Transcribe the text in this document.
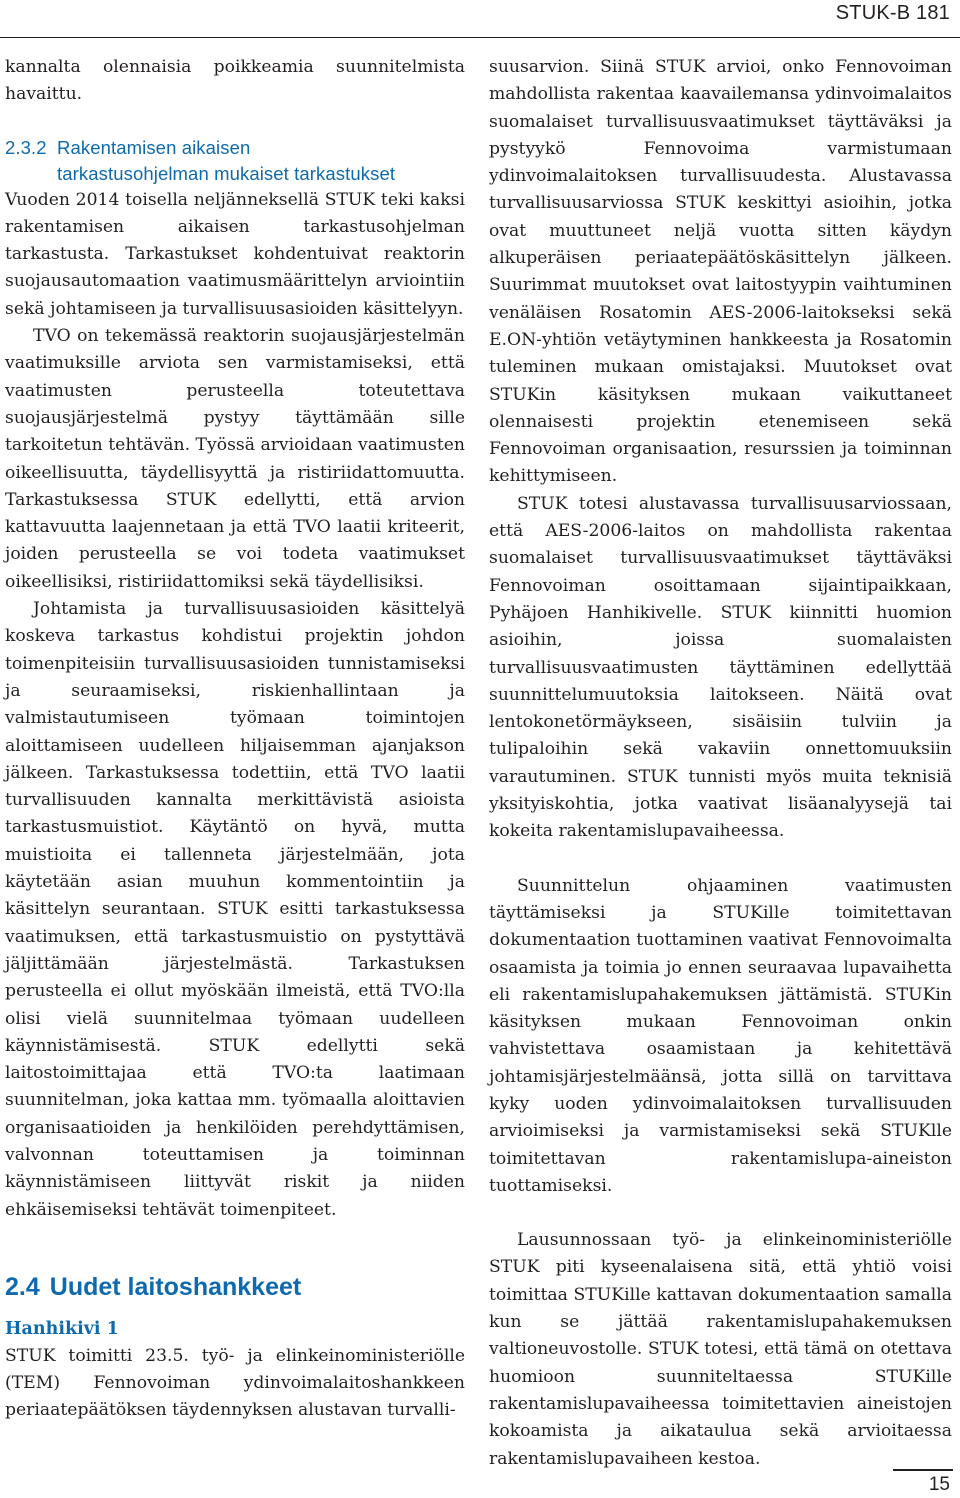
STUK-B 181

kannalta olennaisia poikkeamia suunnitelmista havaittu.

2.3.2 Rakentamisen aikaisen
tarkastusohjelman mukaiset tarkastukset

Vuoden 2014 toisella neljänneksellä STUK teki kaksi rakentamisen aikaisen tarkastusohjelman tarkastusta. Tarkastukset kohdentuivat reaktorin suojausautomaation vaatimusmäärittelyn arviointiin sekä johtamiseen ja turvallisuusasioiden käsittelyyn.

TVO on tekemässä reaktorin suojausjärjestelmän vaatimuksille arviota sen varmistamiseksi, että vaatimusten perusteella toteutettava suojausjärjestelmä pystyy täyttämään sille tarkoitetun tehtävän. Työssä arvioidaan vaatimusten oikeellisuutta, täydellisyyttä ja ristiriidattomuutta. Tarkastuksessa STUK edellytti, että arvion kattavuutta laajennetaan ja että TVO laatii kriteerit, joiden perusteella se voi todeta vaatimukset oikeellisiksi, ristiriidattomiksi sekä täydellisiksi.

Johtamista ja turvallisuusasioiden käsittelyä koskeva tarkastus kohdistui projektin johdon toimenpiteisiin turvallisuusasioiden tunnistamiseksi ja seuraamiseksi, riskienhallintaan ja valmistautumiseen työmaan toimintojen aloittamiseen uudelleen hiljaisemman ajanjakson jälkeen. Tarkastuksessa todettiin, että TVO laatii turvallisuuden kannalta merkittävistä asioista tarkastusmuistiot. Käytäntö on hyvä, mutta muistioita ei tallenneta järjestelmään, jota käytetään asian muuhun kommentointiin ja käsittelyn seurantaan. STUK esitti tarkastuksessa vaatimuksen, että tarkastusmuistio on pystyttävä jäljittämään järjestelmästä. Tarkastuksen perusteella ei ollut myöskään ilmeistä, että TVO:lla olisi vielä suunnitelmaa työmaan uudelleen käynnistämisestä. STUK edellytti sekä laitostoimittajaa että TVO:ta laatimaan suunnitelman, joka kattaa mm. työmaalla aloittavien organisaatioiden ja henkilöiden perehdyttämisen, valvonnan toteuttamisen ja toiminnan käynnistämiseen liittyvät riskit ja niiden ehkäisemiseksi tehtävät toimenpiteet.

2.4 Uudet laitoshankkeet
Hanhikivi 1

STUK toimitti 23.5. työ- ja elinkeinoministeriölle (TEM) Fennovoiman ydinvoimalaitoshankkeen periaatepäätöksen täydennyksen alustavan turvalli-

suusarvion. Siinä STUK arvioi, onko Fennovoiman mahdollista rakentaa kaavailemansa ydinvoimalaitos suomalaiset turvallisuusvaatimukset täyttäväksi ja pystyykö Fennovoima varmistumaan ydinvoimalaitoksen turvallisuudesta. Alustavassa turvallisuusarviossa STUK keskittyi asioihin, jotka ovat muuttuneet neljä vuotta sitten käydyn alkuperäisen periaatepäätöskäsittelyn jälkeen. Suurimmat muutokset ovat laitostyypin vaihtuminen venäläisen Rosatomin AES-2006-laitokseksi sekä E.ON-yhtiön vetäytyminen hankkeesta ja Rosatomin tuleminen mukaan omistajaksi. Muutokset ovat STUKin käsityksen mukaan vaikuttaneet olennaisesti projektin etenemiseen sekä Fennovoiman organisaation, resurssien ja toiminnan kehittymiseen.

STUK totesi alustavassa turvallisuusarviossaan, että AES-2006-laitos on mahdollista rakentaa suomalaiset turvallisuusvaatimukset täyttäväksi Fennovoiman osoittamaan sijaintipaikkaan, Pyhäjoen Hanhikivelle. STUK kiinnitti huomion asioihin, joissa suomalaisten turvallisuusvaatimusten täyttäminen edellyttää suunnittelumuutoksia laitokseen. Näitä ovat lentokonetörmäykseen, sisäisiin tulviin ja tulipaloihin sekä vakaviin onnettomuuksiin varautuminen. STUK tunnisti myös muita teknisiä yksityiskohtia, jotka vaativat lisäanalyysejä tai kokeita rakentamislupavaiheessa.

Suunnittelun ohjaaminen vaatimusten täyttämiseksi ja STUKille toimitettavan dokumentaation tuottaminen vaativat Fennovoimalta osaamista ja toimia jo ennen seuraavaa lupavaihetta eli rakentamislupahakemuksen jättämistä. STUKin käsityksen mukaan Fennovoiman onkin vahvistettava osaamistaan ja kehitettävä johtamisjärjestelmäänsä, jotta sillä on tarvittava kyky uoden ydinvoimalaitoksen turvallisuuden arvioimiseksi ja varmistamiseksi sekä STUKlle toimitettavan rakentamislupa-aineiston tuottamiseksi.

Lausunnossaan työ- ja elinkeinoministeriölle STUK piti kyseenalaisena sitä, että yhtiö voisi toimittaa STUKille kattavan dokumentaation samalla kun se jättää rakentamislupahakemuksen valtioneuvostolle. STUK totesi, että tämä on otettava huomioon suunniteltaessa STUKille rakentamislupavaiheessa toimitettavien aineistojen kokoamista ja aikataulua sekä arvioitaessa rakentamislupavaiheen kestoa.

15
